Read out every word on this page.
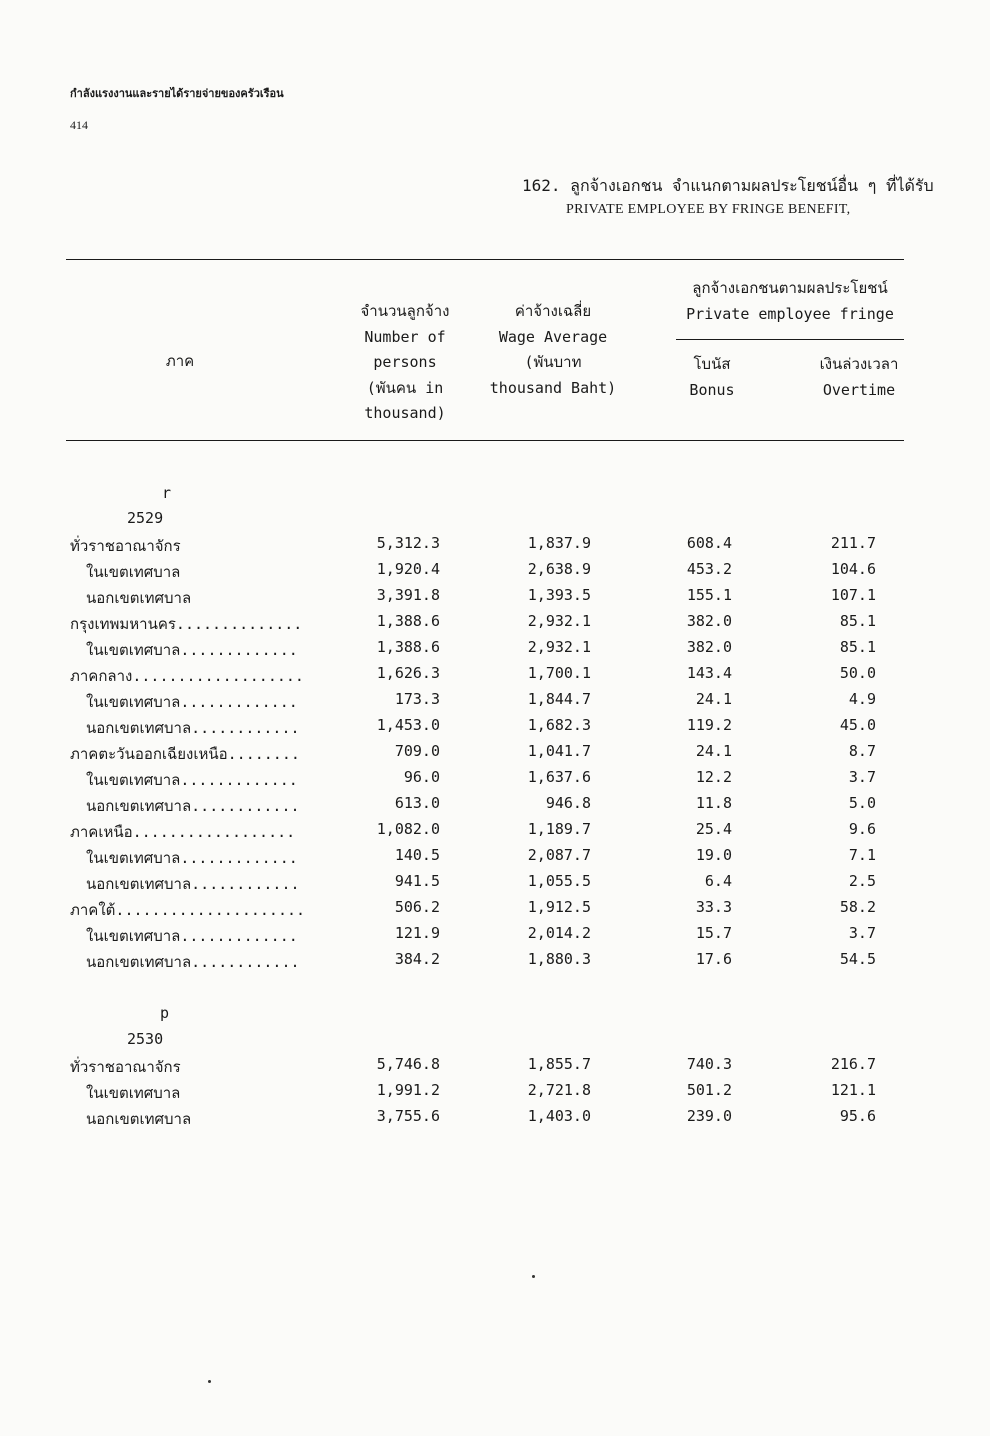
กำลังแรงงานและรายได้รายจ่ายของครัวเรือน
414
162. ลูกจ้างเอกชน จำแนกตามผลประโยชน์อื่น ๆ ที่ได้รับ
PRIVATE EMPLOYEE BY FRINGE BENEFIT,
ภาค
จำนวนลูกจ้าง
Number of
persons
(พันคน in
thousand)
ค่าจ้างเฉลี่ย
Wage Average
(พันบาท
thousand Baht)
ลูกจ้างเอกชนตามผลประโยชน์
Private employee fringe
โบนัส
Bonus
เงินล่วงเวลา
Overtime
r
2529
ทั่วราชอาณาจักร	5,312.3	1,837.9	608.4	211.7
ในเขตเทศบาล	1,920.4	2,638.9	453.2	104.6
นอกเขตเทศบาล	3,391.8	1,393.5	155.1	107.1
กรุงเทพมหานคร..............	1,388.6	2,932.1	382.0	85.1
ในเขตเทศบาล.............	1,388.6	2,932.1	382.0	85.1
ภาคกลาง...................	1,626.3	1,700.1	143.4	50.0
ในเขตเทศบาล.............	173.3	1,844.7	24.1	4.9
นอกเขตเทศบาล............	1,453.0	1,682.3	119.2	45.0
ภาคตะวันออกเฉียงเหนือ........	709.0	1,041.7	24.1	8.7
ในเขตเทศบาล.............	96.0	1,637.6	12.2	3.7
นอกเขตเทศบาล............	613.0	946.8	11.8	5.0
ภาคเหนือ..................	1,082.0	1,189.7	25.4	9.6
ในเขตเทศบาล.............	140.5	2,087.7	19.0	7.1
นอกเขตเทศบาล............	941.5	1,055.5	6.4	2.5
ภาคใต้.....................	506.2	1,912.5	33.3	58.2
ในเขตเทศบาล.............	121.9	2,014.2	15.7	3.7
นอกเขตเทศบาล............	384.2	1,880.3	17.6	54.5
p
2530
ทั่วราชอาณาจักร	5,746.8	1,855.7	740.3	216.7
ในเขตเทศบาล	1,991.2	2,721.8	501.2	121.1
นอกเขตเทศบาล	3,755.6	1,403.0	239.0	95.6
